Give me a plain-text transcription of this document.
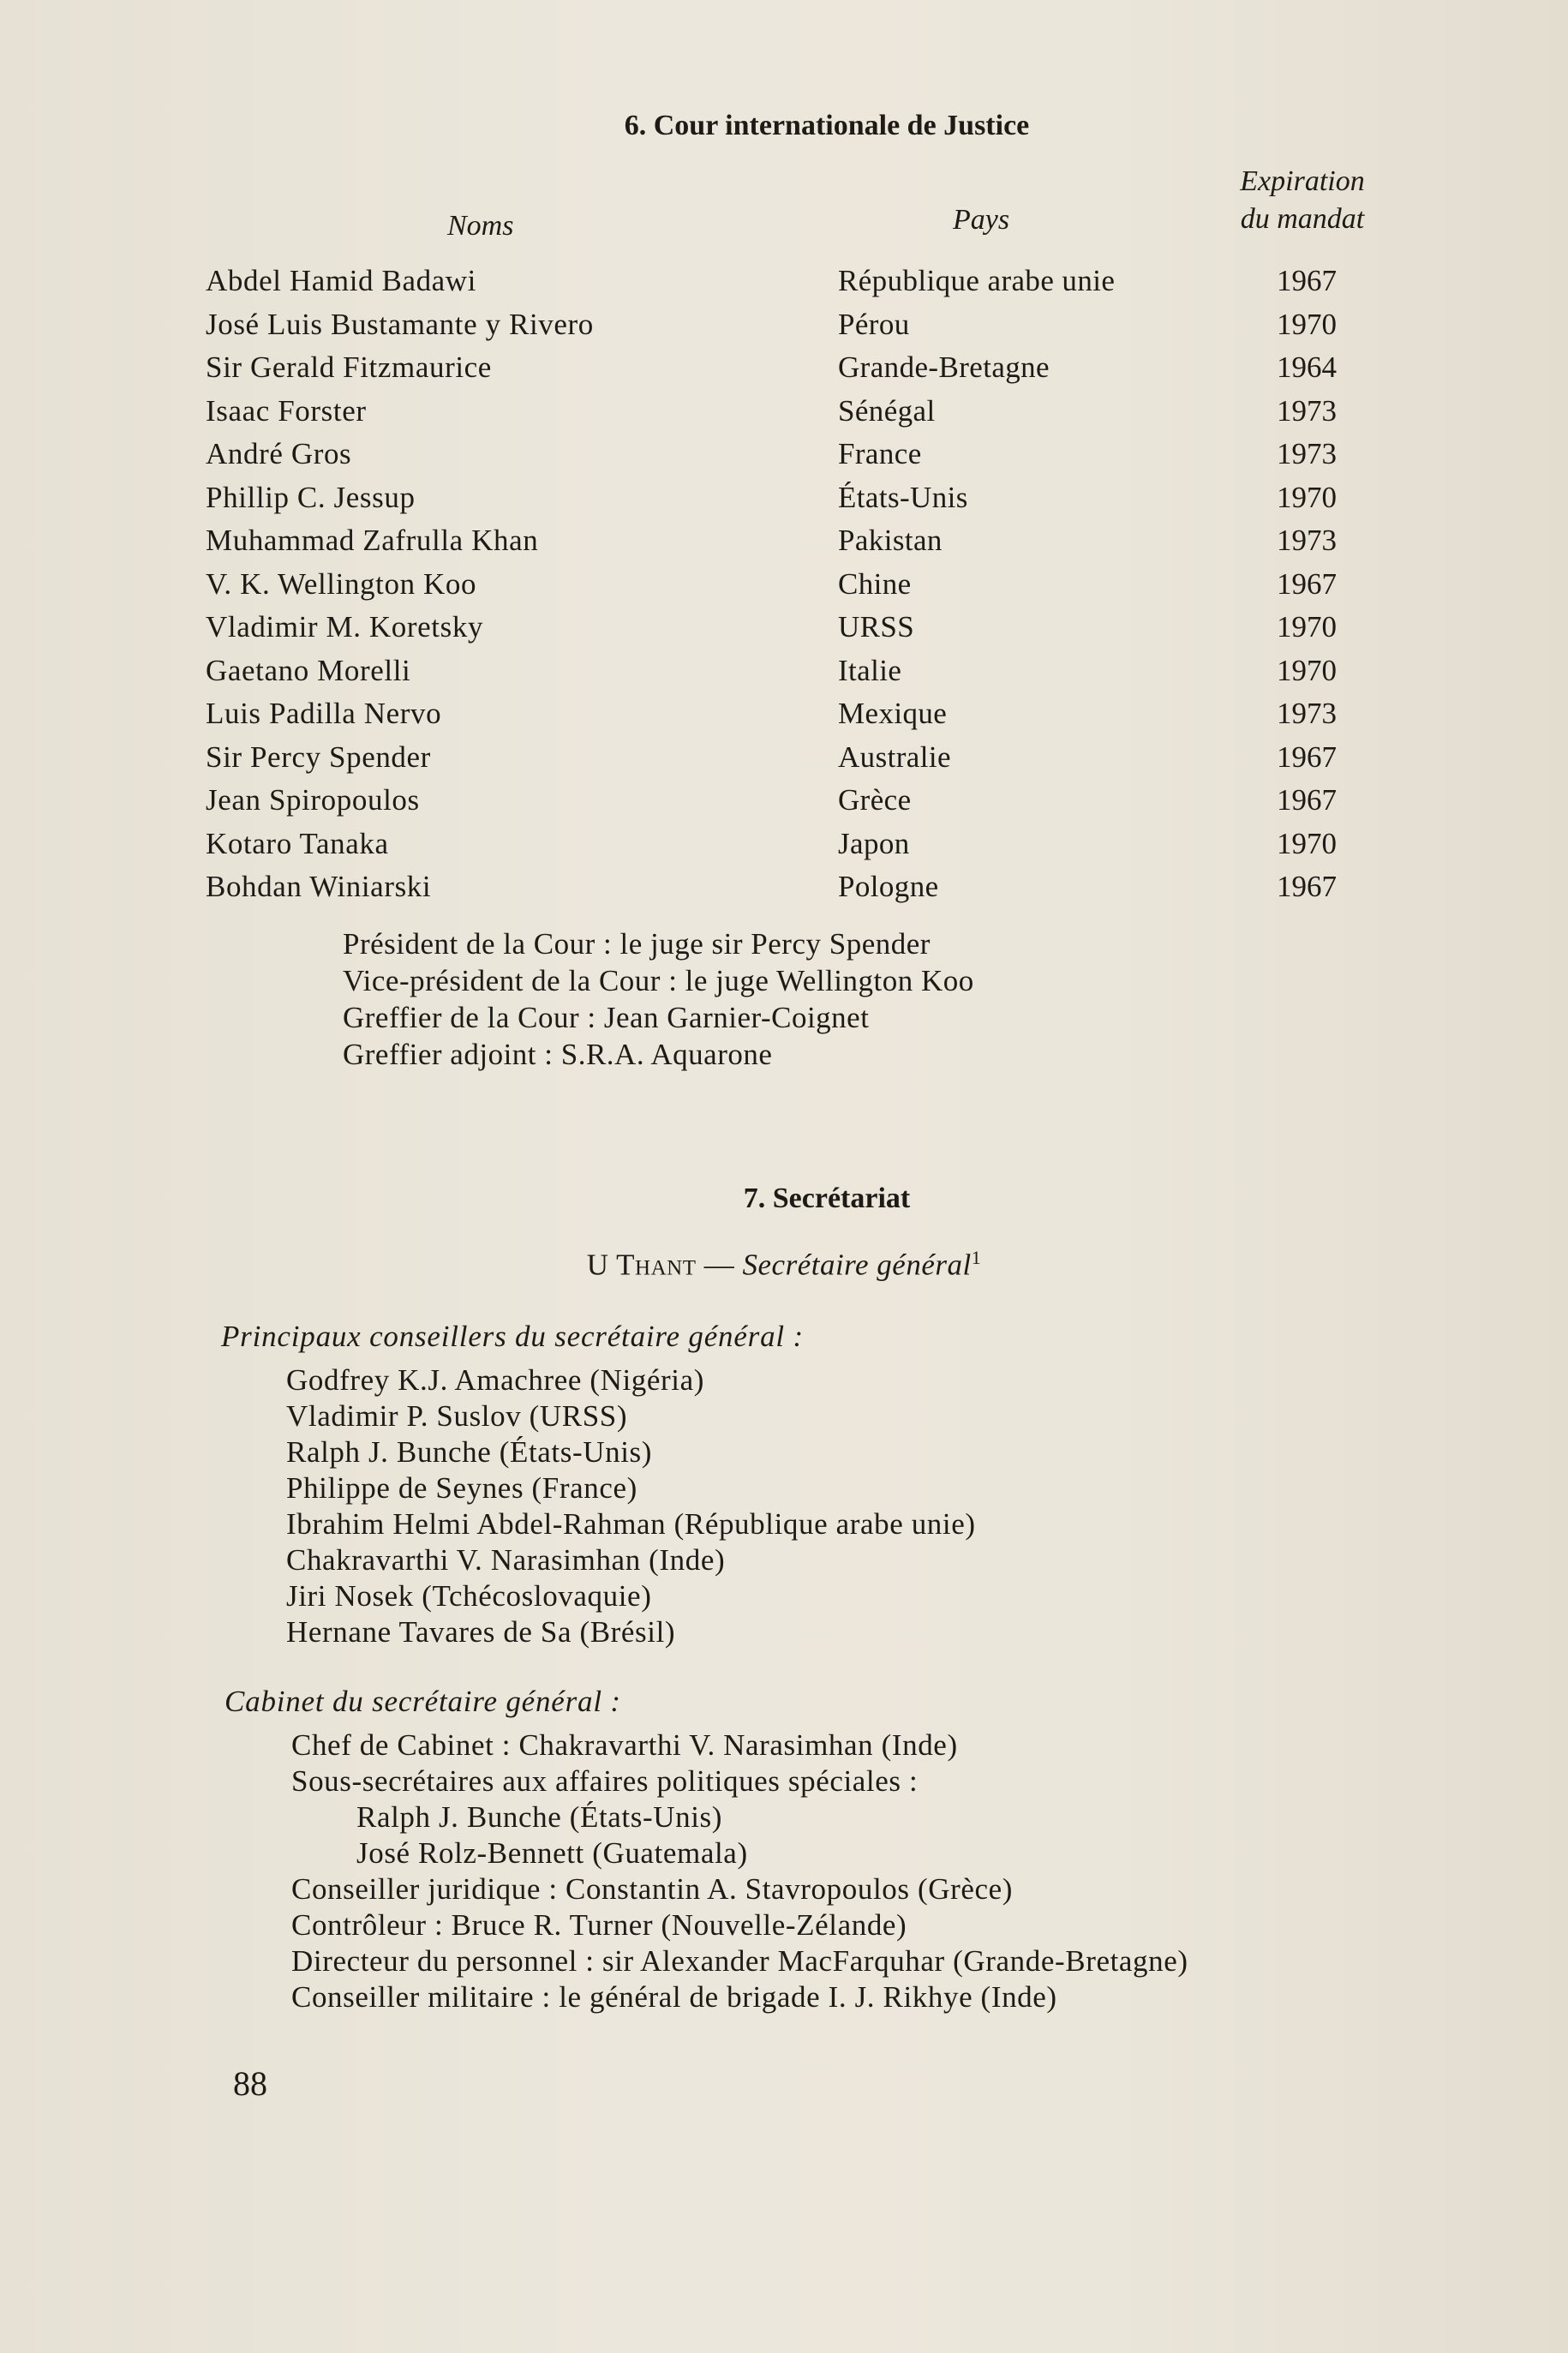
6. Cour internationale de Justice
Noms	Pays
Expiration
du mandat
Abdel Hamid Badawi	République arabe unie	1967
José Luis Bustamante y Rivero	Pérou	1970
Sir Gerald Fitzmaurice	Grande-Bretagne	1964
Isaac Forster	Sénégal	1973
André Gros	France	1973
Phillip C. Jessup	États-Unis	1970
Muhammad Zafrulla Khan	Pakistan	1973
V. K. Wellington Koo	Chine	1967
Vladimir M. Koretsky	URSS	1970
Gaetano Morelli	Italie	1970
Luis Padilla Nervo	Mexique	1973
Sir Percy Spender	Australie	1967
Jean Spiropoulos	Grèce	1967
Kotaro Tanaka	Japon	1970
Bohdan Winiarski	Pologne	1967
Président de la Cour : le juge sir Percy Spender
Vice-président de la Cour : le juge Wellington Koo
Greffier de la Cour : Jean Garnier-Coignet
Greffier adjoint : S.R.A. Aquarone
7. Secrétariat
U Thant — Secrétaire général$^1$
Principaux conseillers du secrétaire général :
Godfrey K.J. Amachree (Nigéria)
Vladimir P. Suslov (URSS)
Ralph J. Bunche (États-Unis)
Philippe de Seynes (France)
Ibrahim Helmi Abdel-Rahman (République arabe unie)
Chakravarthi V. Narasimhan (Inde)
Jiri Nosek (Tchécoslovaquie)
Hernane Tavares de Sa (Brésil)
Cabinet du secrétaire général :
Chef de Cabinet : Chakravarthi V. Narasimhan (Inde)
Sous-secrétaires aux affaires politiques spéciales :
Ralph J. Bunche (États-Unis)
José Rolz-Bennett (Guatemala)
Conseiller juridique : Constantin A. Stavropoulos (Grèce)
Contrôleur : Bruce R. Turner (Nouvelle-Zélande)
Directeur du personnel : sir Alexander MacFarquhar (Grande-Bretagne)
Conseiller militaire : le général de brigade I. J. Rikhye (Inde)
88
